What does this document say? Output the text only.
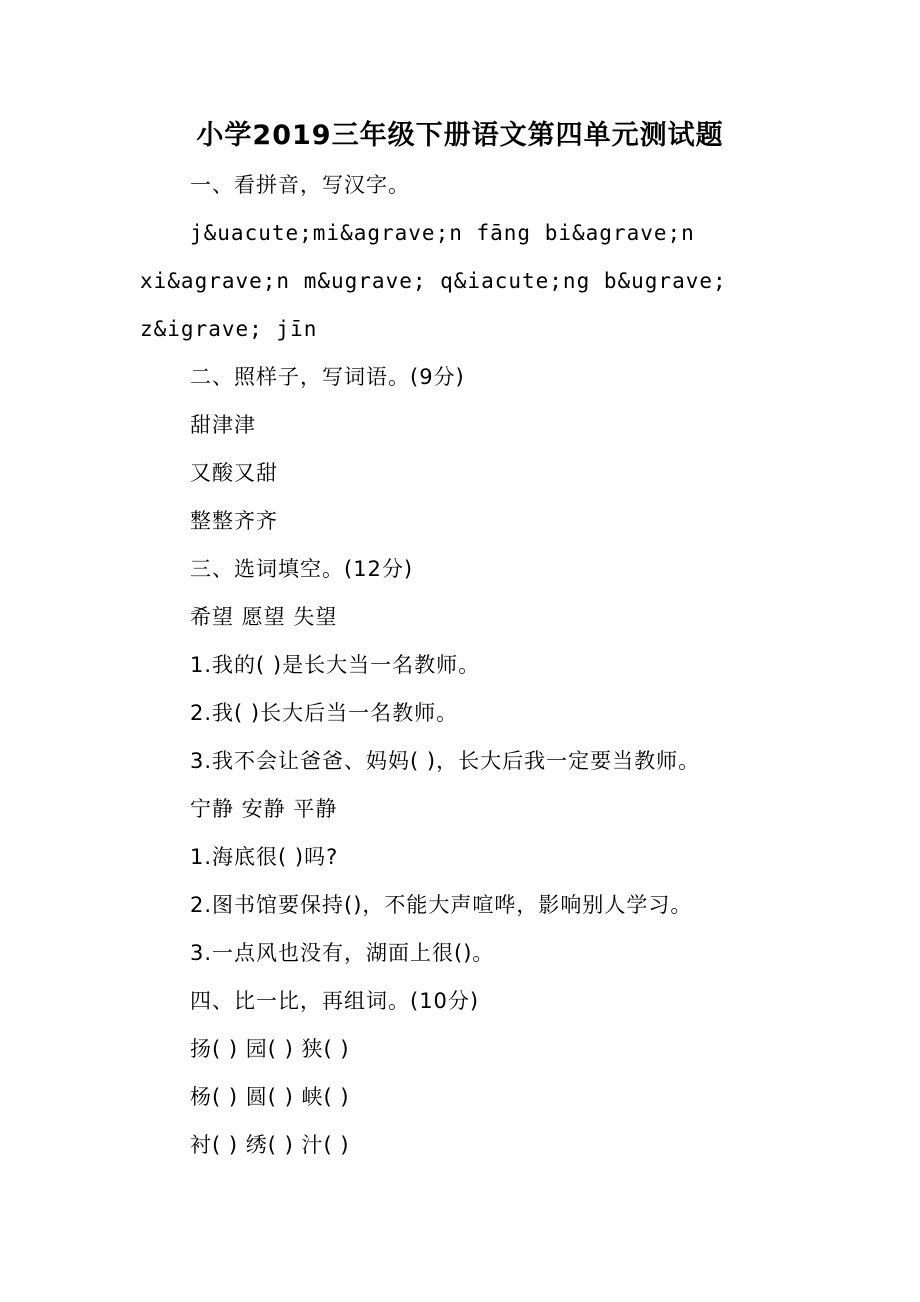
小学2019三年级下册语文第四单元测试题
一、看拼音，写汉字。
j&uacute;mi&agrave;n fāng bi&agrave;n
xi&agrave;n m&ugrave; q&iacute;ng b&ugrave;
z&igrave; jīn
二、照样子，写词语。(9分)
甜津津
又酸又甜
整整齐齐
三、选词填空。(12分)
希望 愿望 失望
1.我的( )是长大当一名教师。
2.我( )长大后当一名教师。
3.我不会让爸爸、妈妈( )，长大后我一定要当教师。
宁静 安静 平静
1.海底很( )吗?
2.图书馆要保持()，不能大声喧哗，影响别人学习。
3.一点风也没有，湖面上很()。
四、比一比，再组词。(10分)
扬( ) 园( ) 狭( )
杨( ) 圆( ) 峡( )
衬( ) 绣( ) 汁( )
